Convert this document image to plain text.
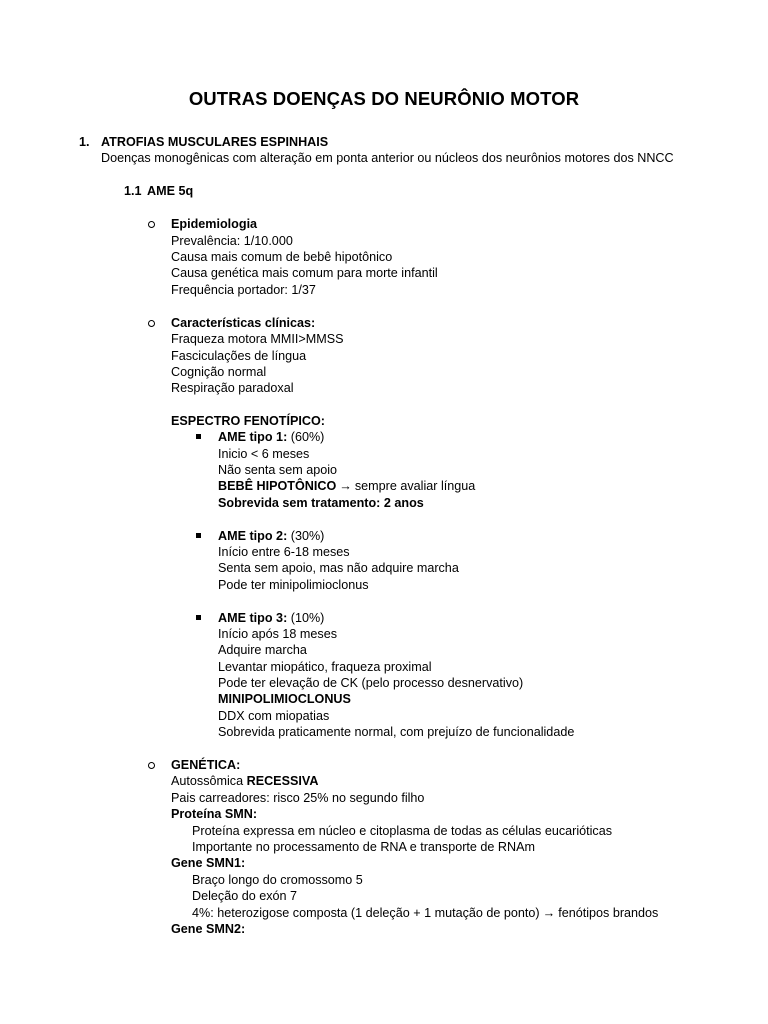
OUTRAS DOENÇAS DO NEURÔNIO MOTOR
1. ATROFIAS MUSCULARES ESPINHAIS
Doenças monogênicas com alteração em ponta anterior ou núcleos dos neurônios motores dos NNCC
1.1 AME 5q
Epidemiologia
Prevalência: 1/10.000
Causa mais comum de bebê hipotônico
Causa genética mais comum para morte infantil
Frequência portador: 1/37
Características clínicas:
Fraqueza motora MMII>MMSS
Fasciculações de língua
Cognição normal
Respiração paradoxal
ESPECTRO FENOTÍPICO:
AME tipo 1: (60%)
Inicio < 6 meses
Não senta sem apoio
BEBÊ HIPOTÔNICO → sempre avaliar língua
Sobrevida sem tratamento: 2 anos
AME tipo 2: (30%)
Início entre 6-18 meses
Senta sem apoio, mas não adquire marcha
Pode ter minipolimioclonus
AME tipo 3: (10%)
Início após 18 meses
Adquire marcha
Levantar miopático, fraqueza proximal
Pode ter elevação de CK (pelo processo desnervativo)
MINIPOLIMIOCLONUS
DDX com miopatias
Sobrevida praticamente normal, com prejuízo de funcionalidade
GENÉTICA:
Autossômica RECESSIVA
Pais carreadores: risco 25% no segundo filho
Proteína SMN:
Proteína expressa em núcleo e citoplasma de todas as células eucarióticas
Importante no processamento de RNA e transporte de RNAm
Gene SMN1:
Braço longo do cromossomo 5
Deleção do exón 7
4%: heterozigose composta (1 deleção + 1 mutação de ponto) → fenótipos brandos
Gene SMN2:
